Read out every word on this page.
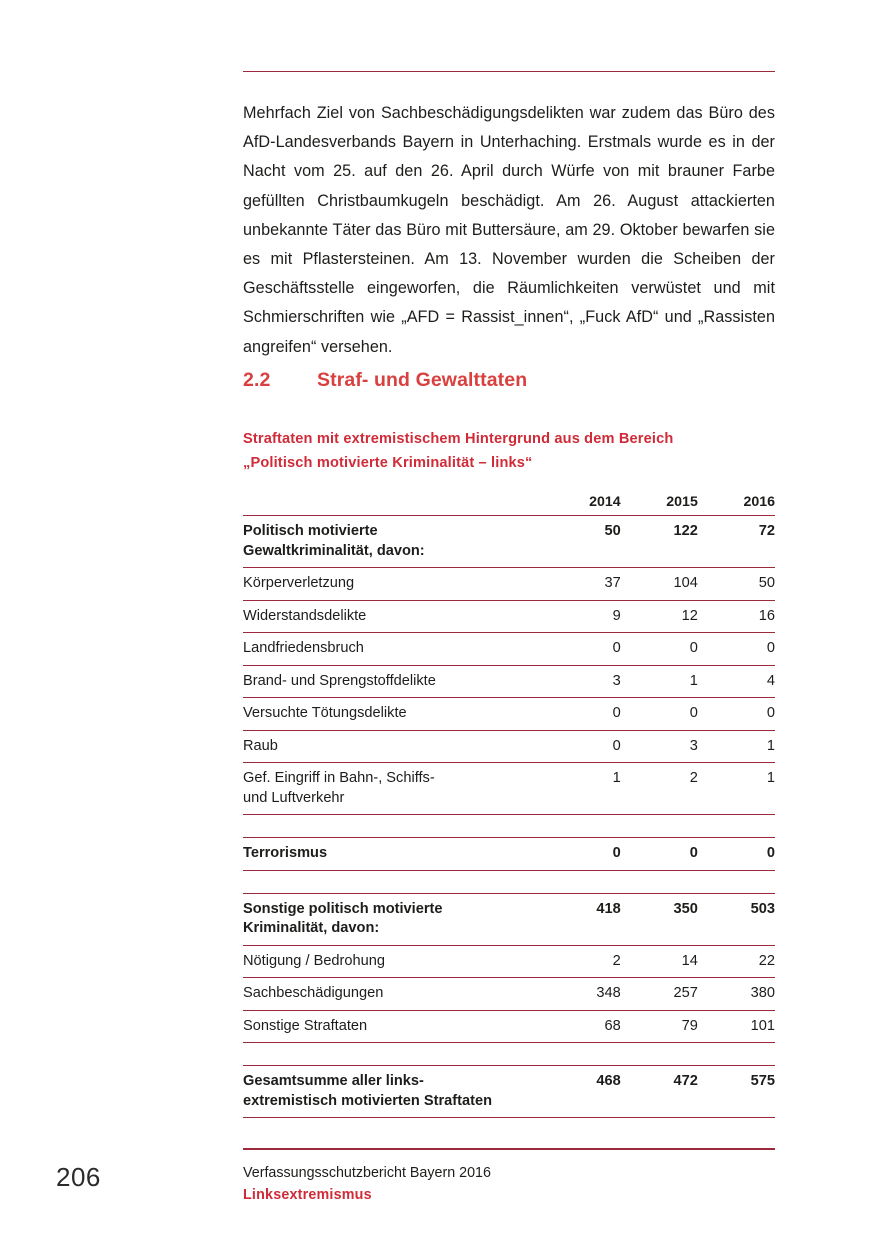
Mehrfach Ziel von Sachbeschädigungsdelikten war zudem das Büro des AfD-Landesverbands Bayern in Unterhaching. Erstmals wurde es in der Nacht vom 25. auf den 26. April durch Würfe von mit brauner Farbe gefüllten Christbaumkugeln beschädigt. Am 26. August attackierten unbekannte Täter das Büro mit Buttersäure, am 29. Oktober bewarfen sie es mit Pflastersteinen. Am 13. November wurden die Scheiben der Geschäftsstelle eingeworfen, die Räumlichkeiten verwüstet und mit Schmierschriften wie „AFD = Rassist_innen“, „Fuck AfD“ und „Rassisten angreifen“ versehen.

2.2 Straf- und Gewalttaten
Straftaten mit extremistischem Hintergrund aus dem Bereich
„Politisch motivierte Kriminalität – links“
	2014	2015	2016

Politisch motivierte
Gewaltkriminalität, davon:	50	122	72

Körperverletzung	37	104	50

Widerstandsdelikte	9	12	16

Landfriedensbruch	0	0	0

Brand- und Sprengstoffdelikte	3	1	4

Versuchte Tötungsdelikte	0	0	0

Raub	0	3	1

Gef. Eingriff in Bahn-, Schiffs-
und Luftverkehr	1	2	1

Terrorismus	0	0	0

Sonstige politisch motivierte
Kriminalität, davon:	418	350	503

Nötigung / Bedrohung	2	14	22

Sachbeschädigungen	348	257	380

Sonstige Straftaten	68	79	101

Gesamtsumme aller links-
extremistisch motivierten Straftaten	468	472	575

206	Verfassungsschutzbericht Bayern 2016
Linksextremismus
